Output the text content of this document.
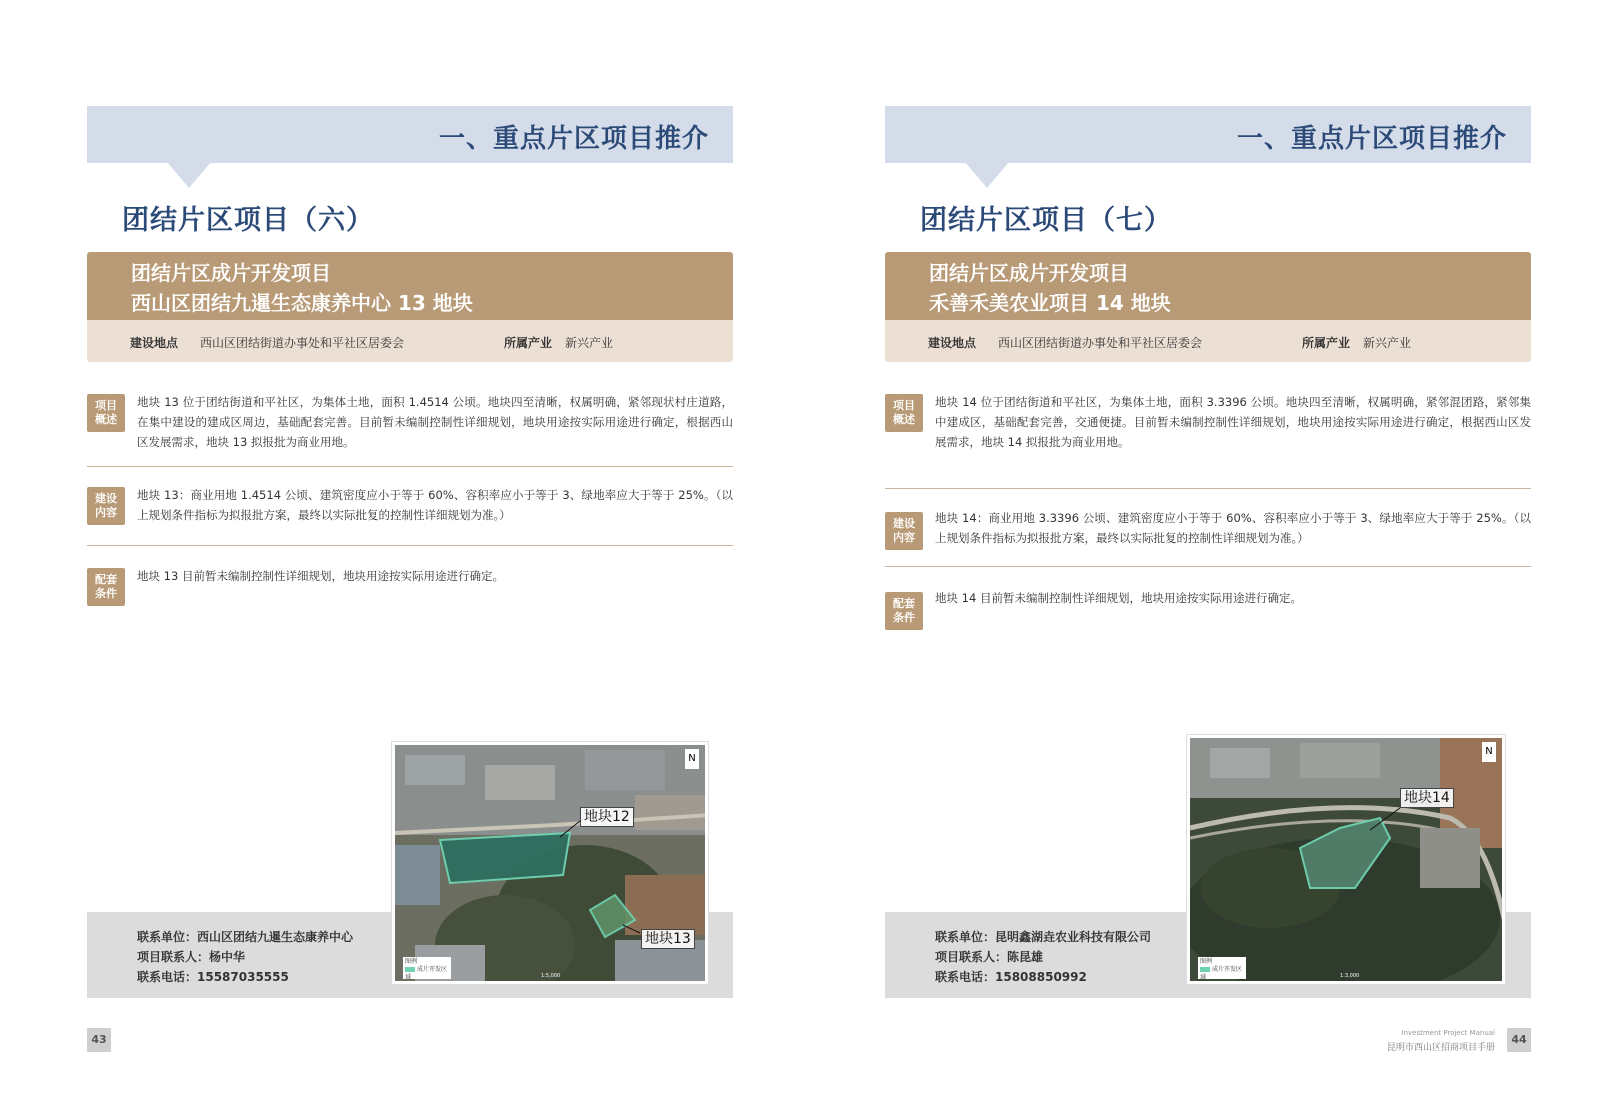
一、重点片区项目推介
团结片区项目（六）
团结片区成片开发项目
西山区团结九暹生态康养中心 13 地块
建设地点 西山区团结街道办事处和平社区居委会	所属产业 新兴产业
项目
概述
地块 13 位于团结街道和平社区，为集体土地，面积 1.4514 公顷。地块四至清晰，权属明确，紧邻现状村庄道路，在集中建设的建成区周边，基础配套完善。目前暂未编制控制性详细规划，地块用途按实际用途进行确定，根据西山区发展需求，地块 13 拟报批为商业用地。
建设
内容
地块 13：商业用地 1.4514 公顷、建筑密度应小于等于 60%、容积率应小于等于 3、绿地率应大于等于 25%。（以上规划条件指标为拟报批方案，最终以实际批复的控制性详细规划为准。）
配套
条件
地块 13 目前暂未编制控制性详细规划，地块用途按实际用途进行确定。
联系单位：西山区团结九暹生态康养中心
项目联系人：杨中华
联系电话：15587035555
地块12
地块13
N
图例
成片开发区域	1:5,000
43
一、重点片区项目推介
团结片区项目（七）
团结片区成片开发项目
禾善禾美农业项目 14 地块
建设地点 西山区团结街道办事处和平社区居委会	所属产业 新兴产业
项目
概述
地块 14 位于团结街道和平社区，为集体土地，面积 3.3396 公顷。地块四至清晰，权属明确，紧邻混团路，紧邻集中建成区，基础配套完善，交通便捷。目前暂未编制控制性详细规划，地块用途按实际用途进行确定，根据西山区发展需求，地块 14 拟报批为商业用地。
建设
内容
地块 14：商业用地 3.3396 公顷、建筑密度应小于等于 60%、容积率应小于等于 3、绿地率应大于等于 25%。（以上规划条件指标为拟报批方案，最终以实际批复的控制性详细规划为准。）
配套
条件
地块 14 目前暂未编制控制性详细规划，地块用途按实际用途进行确定。
联系单位：昆明鑫湖垚农业科技有限公司
项目联系人：陈昆雄
联系电话：15808850992
地块14
N
图例
成片开发区域	1:3,000
Investment Project Manual
昆明市西山区招商项目手册
44
